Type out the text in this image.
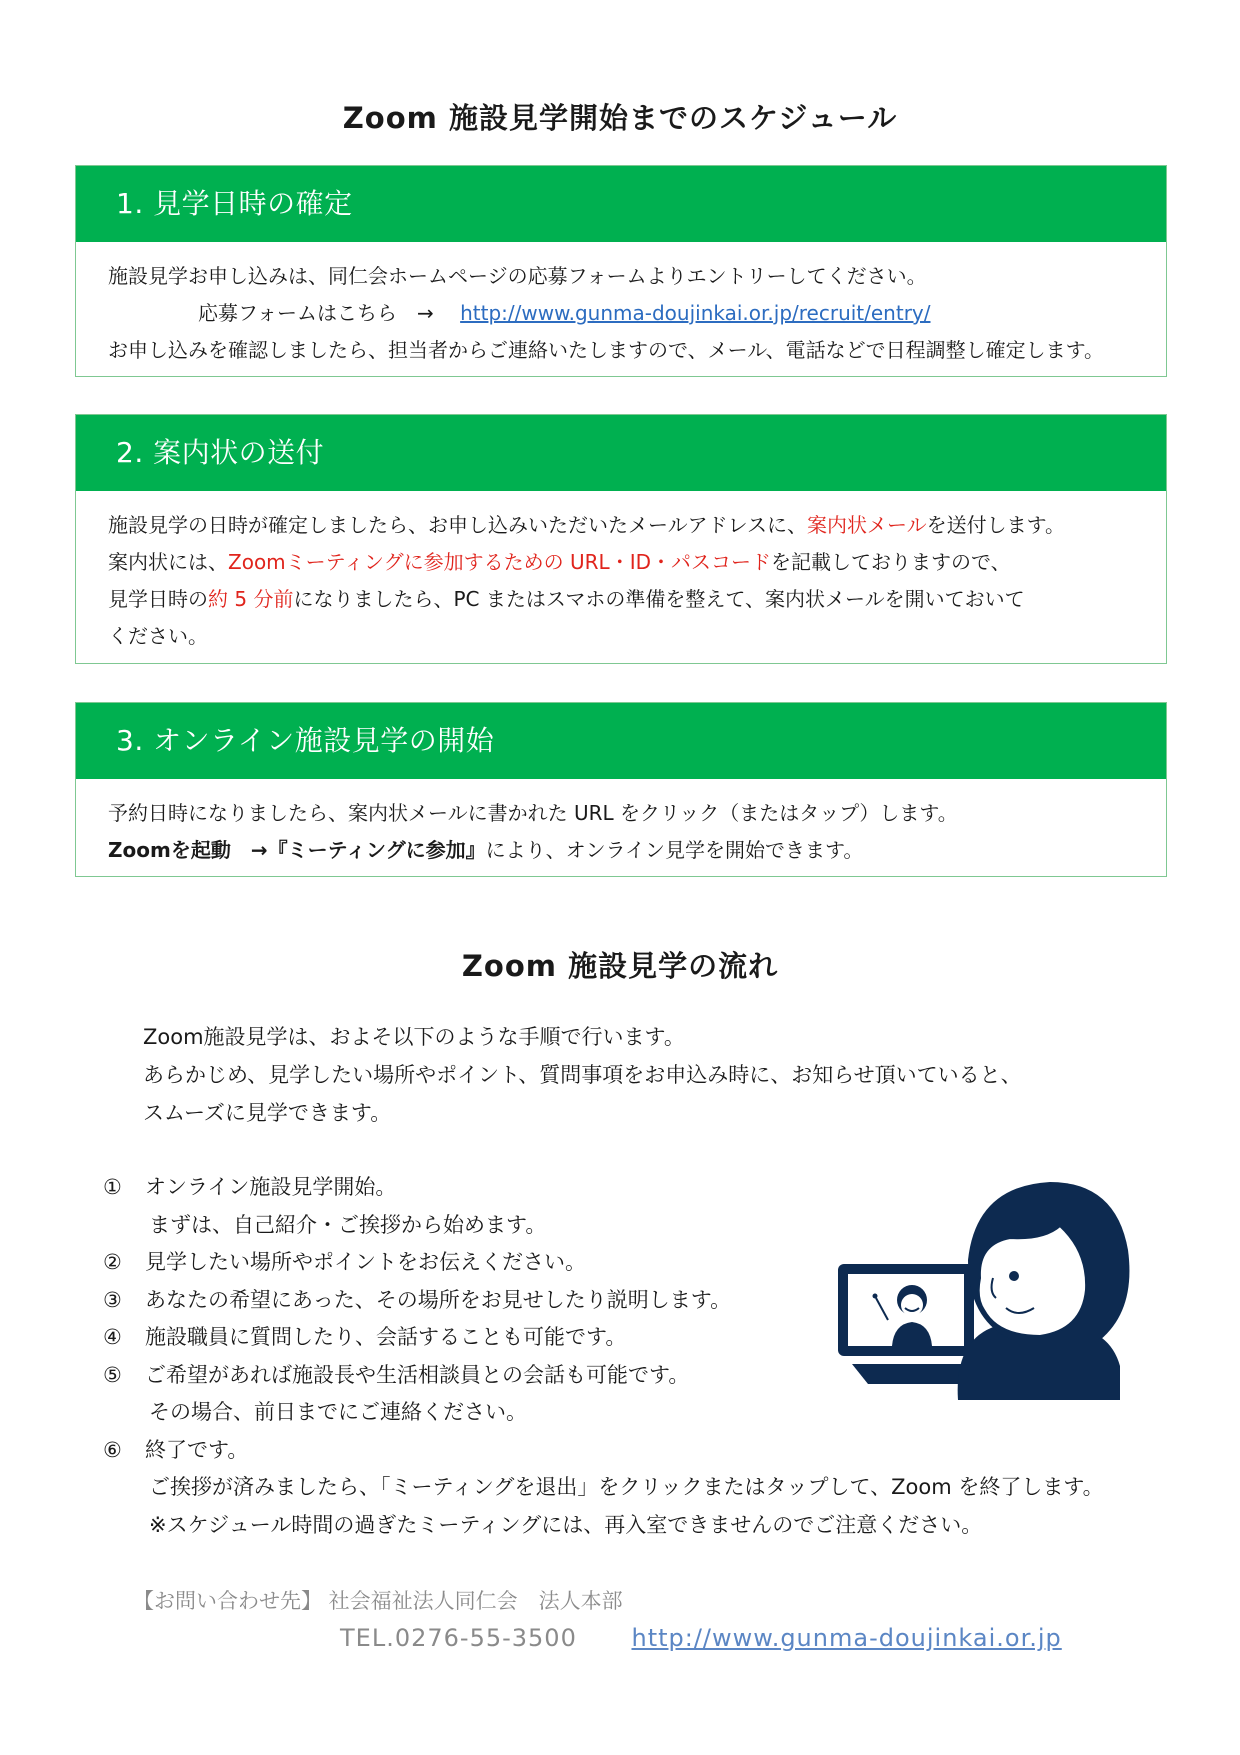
Zoom 施設見学開始までのスケジュール
1. 見学日時の確定
施設見学お申し込みは、同仁会ホームページの応募フォームよりエントリーしてください。
応募フォームはこちら　→　 http://www.gunma-doujinkai.or.jp/recruit/entry/
お申し込みを確認しましたら、担当者からご連絡いたしますので、メール、電話などで日程調整し確定します。
2. 案内状の送付
施設見学の日時が確定しましたら、お申し込みいただいたメールアドレスに、案内状メールを送付します。
案内状には、Zoomミーティングに参加するための URL・ID・パスコードを記載しておりますので、
見学日時の約 5 分前になりましたら、PC またはスマホの準備を整えて、案内状メールを開いておいて
ください。
3. オンライン施設見学の開始
予約日時になりましたら、案内状メールに書かれた URL をクリック（またはタップ）します。
Zoomを起動　→『ミーティングに参加』により、オンライン見学を開始できます。
Zoom 施設見学の流れ
Zoom施設見学は、およそ以下のような手順で行います。
あらかじめ、見学したい場所やポイント、質問事項をお申込み時に、お知らせ頂いていると、
スムーズに見学できます。
①	オンライン施設見学開始。
まずは、自己紹介・ご挨拶から始めます。
②	見学したい場所やポイントをお伝えください。
③	あなたの希望にあった、その場所をお見せしたり説明します。
④	施設職員に質問したり、会話することも可能です。
⑤	ご希望があれば施設長や生活相談員との会話も可能です。
その場合、前日までにご連絡ください。
⑥	終了です。
ご挨拶が済みましたら、「ミーティングを退出」をクリックまたはタップして、Zoom を終了します。
※スケジュール時間の過ぎたミーティングには、再入室できませんのでご注意ください。
【お問い合わせ先】 社会福祉法人同仁会　法人本部
TEL.0276-55-3500 http://www.gunma-doujinkai.or.jp
